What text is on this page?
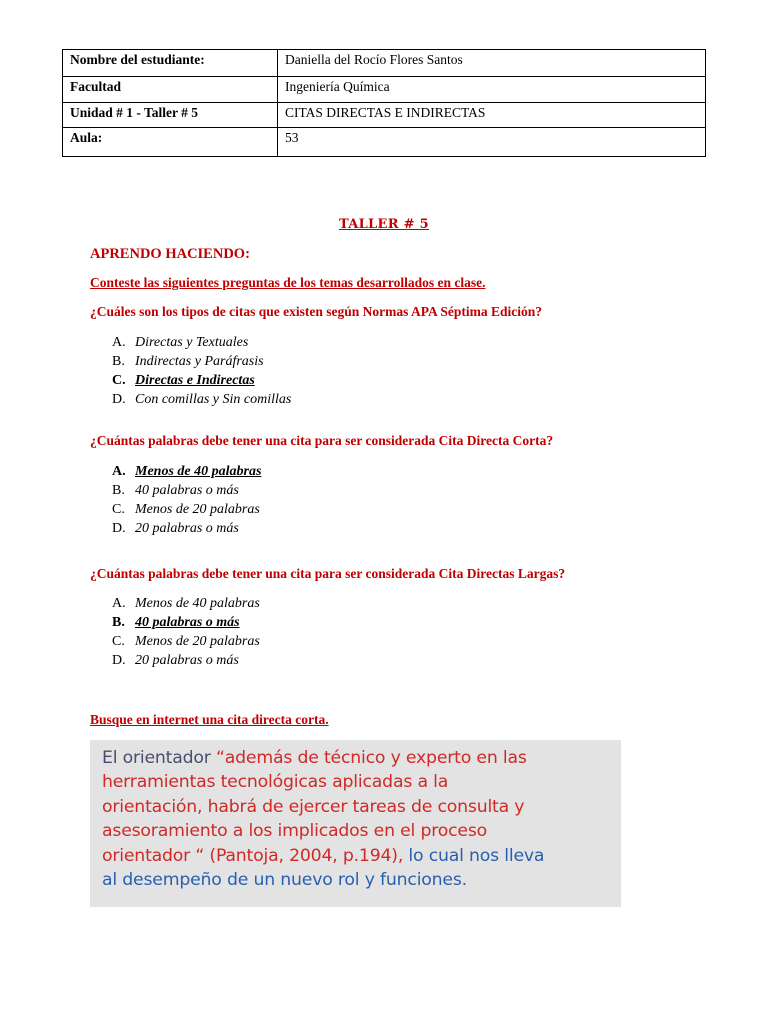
Nombre del estudiante:	Daniella del Rocío Flores Santos
Facultad	Ingeniería Química
Unidad # 1 - Taller # 5	CITAS DIRECTAS E INDIRECTAS
Aula:	53
TALLER # 5
APRENDO HACIENDO:
Conteste las siguientes preguntas de los temas desarrollados en clase.
¿Cuáles son los tipos de citas que existen según Normas APA Séptima Edición?
A. Directas y Textuales
B. Indirectas y Paráfrasis
C. Directas e Indirectas
D. Con comillas y Sin comillas
¿Cuántas palabras debe tener una cita para ser considerada Cita Directa Corta?
A. Menos de 40 palabras
B. 40 palabras o más
C. Menos de 20 palabras
D. 20 palabras o más
¿Cuántas palabras debe tener una cita para ser considerada Cita Directas Largas?
A. Menos de 40 palabras
B. 40 palabras o más
C. Menos de 20 palabras
D. 20 palabras o más
Busque en internet una cita directa corta.
El orientador “además de técnico y experto en las
herramientas tecnológicas aplicadas a la
orientación, habrá de ejercer tareas de consulta y
asesoramiento a los implicados en el proceso
orientador “ (Pantoja, 2004, p.194), lo cual nos lleva
al desempeño de un nuevo rol y funciones.
